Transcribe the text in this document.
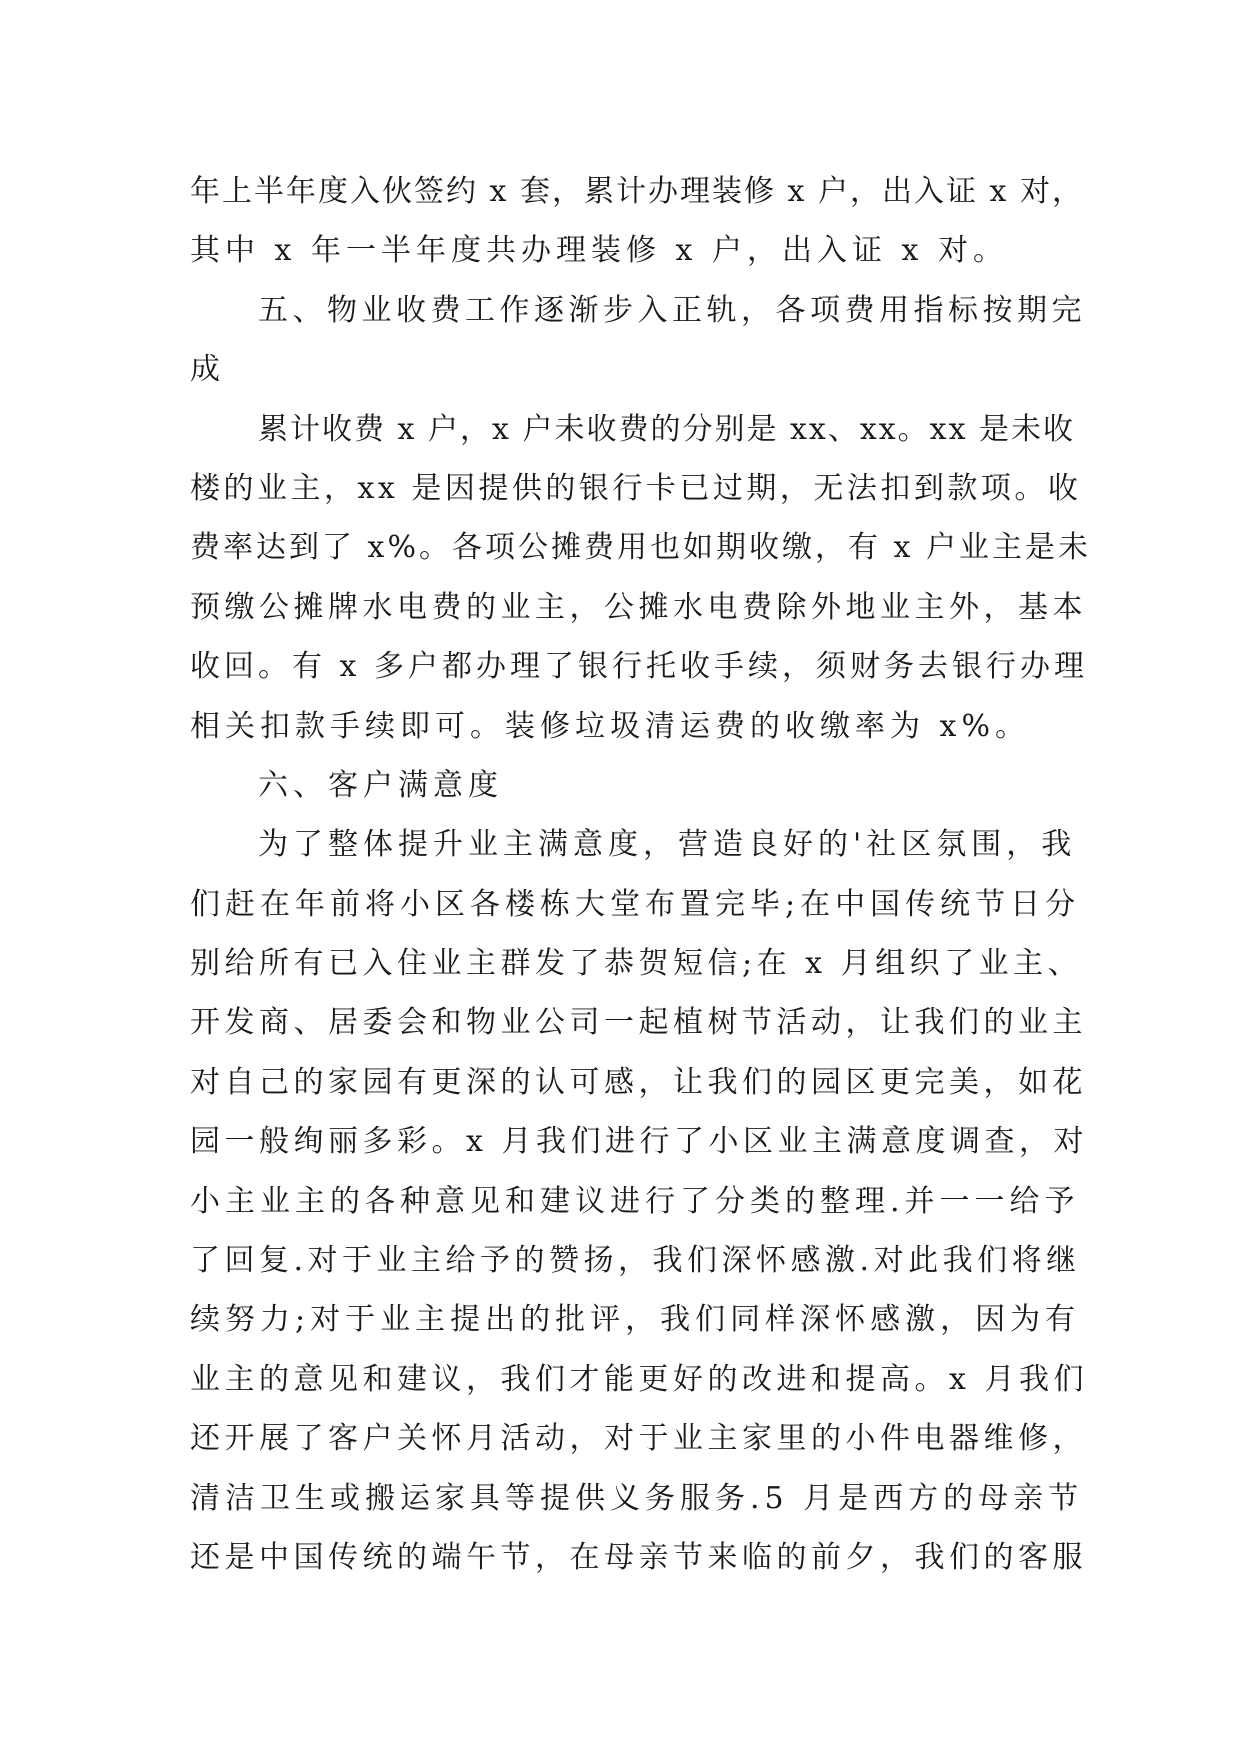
年上半年度入伙签约 x 套，累计办理装修 x 户，出入证 x 对，
其中 x 年一半年度共办理装修 x 户，出入证 x 对。
五、物业收费工作逐渐步入正轨，各项费用指标按期完
成
累计收费 x 户，x 户未收费的分别是 xx、xx。xx 是未收
楼的业主，xx 是因提供的银行卡已过期，无法扣到款项。收
费率达到了 x%。各项公摊费用也如期收缴，有 x 户业主是未
预缴公摊牌水电费的业主，公摊水电费除外地业主外，基本
收回。有 x 多户都办理了银行托收手续，须财务去银行办理
相关扣款手续即可。装修垃圾清运费的收缴率为 x%。
六、客户满意度
为了整体提升业主满意度，营造良好的'社区氛围，我
们赶在年前将小区各楼栋大堂布置完毕;在中国传统节日分
别给所有已入住业主群发了恭贺短信;在 x 月组织了业主、
开发商、居委会和物业公司一起植树节活动，让我们的业主
对自己的家园有更深的认可感，让我们的园区更完美，如花
园一般绚丽多彩。x 月我们进行了小区业主满意度调查，对
小主业主的各种意见和建议进行了分类的整理.并一一给予
了回复.对于业主给予的赞扬，我们深怀感激.对此我们将继
续努力;对于业主提出的批评，我们同样深怀感激，因为有
业主的意见和建议，我们才能更好的改进和提高。x 月我们
还开展了客户关怀月活动，对于业主家里的小件电器维修，
清洁卫生或搬运家具等提供义务服务.5 月是西方的母亲节
还是中国传统的端午节，在母亲节来临的前夕，我们的客服
